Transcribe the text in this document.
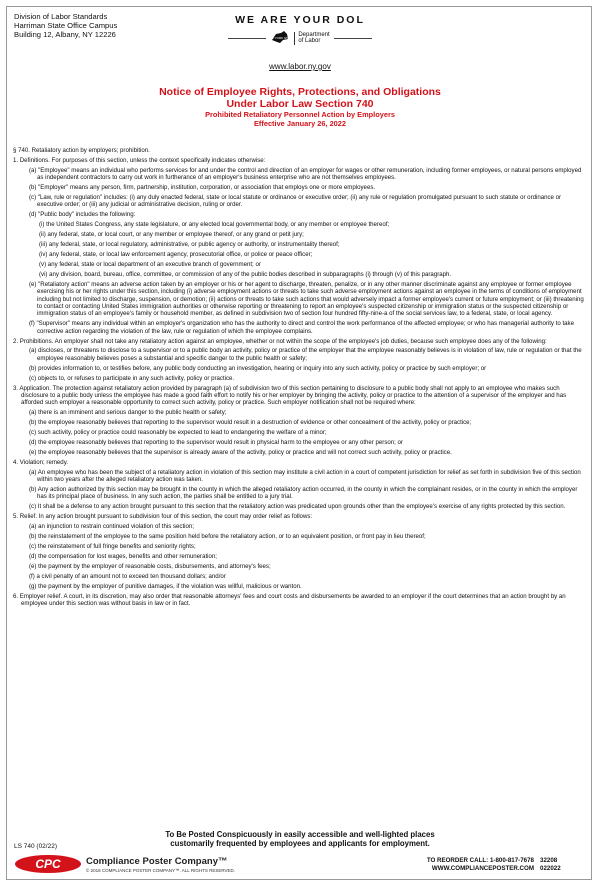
Division of Labor Standards
Harriman State Office Campus
Building 12, Albany, NY 12226
WE ARE YOUR DOL
NEW YORK STATE
Department
of Labor
www.labor.ny.gov
Notice of Employee Rights, Protections, and Obligations
Under Labor Law Section 740
Prohibited Retaliatory Personnel Action by Employers
Effective January 26, 2022

§ 740. Retaliatory action by employers; prohibition.

1. Definitions. For purposes of this section, unless the context specifically indicates otherwise:

(a) "Employee" means an individual who performs services for and under the control and direction of an employer for wages or other remuneration, including former employees, or natural persons employed as independent contractors to carry out work in furtherance of an employer's business enterprise who are not themselves employees.

(b) "Employer" means any person, firm, partnership, institution, corporation, or association that employs one or more employees.

(c) "Law, rule or regulation" includes: (i) any duly enacted federal, state or local statute or ordinance or executive order; (ii) any rule or regulation promulgated pursuant to such statute or ordinance or executive order; or (iii) any judicial or administrative decision, ruling or order.

(d) "Public body" includes the following:

(i) the United States Congress, any state legislature, or any elected local governmental body, or any member or employee thereof;

(ii) any federal, state, or local court, or any member or employee thereof, or any grand or petit jury;

(iii) any federal, state, or local regulatory, administrative, or public agency or authority, or instrumentality thereof;

(iv) any federal, state, or local law enforcement agency, prosecutorial office, or police or peace officer;

(v) any federal, state or local department of an executive branch of government; or

(vi) any division, board, bureau, office, committee, or commission of any of the public bodies described in subparagraphs (i) through (v) of this paragraph.

(e) "Retaliatory action" means an adverse action taken by an employer or his or her agent to discharge, threaten, penalize, or in any other manner discriminate against any employee or former employee exercising his or her rights under this section, including (i) adverse employment actions or threats to take such adverse employment actions against an employee in the terms of conditions of employment including but not limited to discharge, suspension, or demotion; (ii) actions or threats to take such actions that would adversely impact a former employee's current or future employment; or (iii) threatening to contact or contacting United States immigration authorities or otherwise reporting or threatening to report an employee's suspected citizenship or immigration status or the suspected citizenship or immigration status of an employee's family or household member, as defined in subdivision two of section four hundred fifty-nine-a of the social services law, to a federal, state, or local agency.

(f) "Supervisor" means any individual within an employer's organization who has the authority to direct and control the work performance of the affected employee; or who has managerial authority to take corrective action regarding the violation of the law, rule or regulation of which the employee complains.

2. Prohibitions. An employer shall not take any retaliatory action against an employee, whether or not within the scope of the employee's job duties, because such employee does any of the following:

(a) discloses, or threatens to disclose to a supervisor or to a public body an activity, policy or practice of the employer that the employee reasonably believes is in violation of law, rule or regulation or that the employee reasonably believes poses a substantial and specific danger to the public health or safety;

(b) provides information to, or testifies before, any public body conducting an investigation, hearing or inquiry into any such activity, policy or practice by such employer; or

(c) objects to, or refuses to participate in any such activity, policy or practice.

3. Application. The protection against retaliatory action provided by paragraph (a) of subdivision two of this section pertaining to disclosure to a public body shall not apply to an employee who makes such disclosure to a public body unless the employee has made a good faith effort to notify his or her employer by bringing the activity, policy or practice to the attention of a supervisor of the employer and has afforded such employer a reasonable opportunity to correct such activity, policy or practice. Such employer notification shall not be required where:

(a) there is an imminent and serious danger to the public health or safety;

(b) the employee reasonably believes that reporting to the supervisor would result in a destruction of evidence or other concealment of the activity, policy or practice;

(c) such activity, policy or practice could reasonably be expected to lead to endangering the welfare of a minor;

(d) the employee reasonably believes that reporting to the supervisor would result in physical harm to the employee or any other person; or

(e) the employee reasonably believes that the supervisor is already aware of the activity, policy or practice and will not correct such activity, policy or practice.

4. Violation; remedy.

(a) An employee who has been the subject of a retaliatory action in violation of this section may institute a civil action in a court of competent jurisdiction for relief as set forth in subdivision five of this section within two years after the alleged retaliatory action was taken.

(b) Any action authorized by this section may be brought in the county in which the alleged retaliatory action occurred, in the county in which the complainant resides, or in the county in which the employer has its principal place of business. In any such action, the parties shall be entitled to a jury trial.

(c) It shall be a defense to any action brought pursuant to this section that the retaliatory action was predicated upon grounds other than the employee's exercise of any rights protected by this section.

5. Relief. In any action brought pursuant to subdivision four of this section, the court may order relief as follows:

(a) an injunction to restrain continued violation of this section;

(b) the reinstatement of the employee to the same position held before the retaliatory action, or to an equivalent position, or front pay in lieu thereof;

(c) the reinstatement of full fringe benefits and seniority rights;

(d) the compensation for lost wages, benefits and other remuneration;

(e) the payment by the employer of reasonable costs, disbursements, and attorney's fees;

(f) a civil penalty of an amount not to exceed ten thousand dollars; and/or

(g) the payment by the employer of punitive damages, if the violation was willful, malicious or wanton.

6. Employer relief. A court, in its discretion, may also order that reasonable attorneys' fees and court costs and disbursements be awarded to an employer if the court determines that an action brought by an employee under this section was without basis in law or in fact.

To Be Posted Conspicuously in easily accessible and well-lighted places
customarily frequented by employees and applicants for employment.
LS 740 (02/22)
CPC	Compliance Poster Company™
© 2018 COMPLIANCE POSTER COMPANY™. ALL RIGHTS RESERVED.
TO REORDER CALL: 1-800-817-7678
WWW.COMPLIANCEPOSTER.COM
32208
022022
